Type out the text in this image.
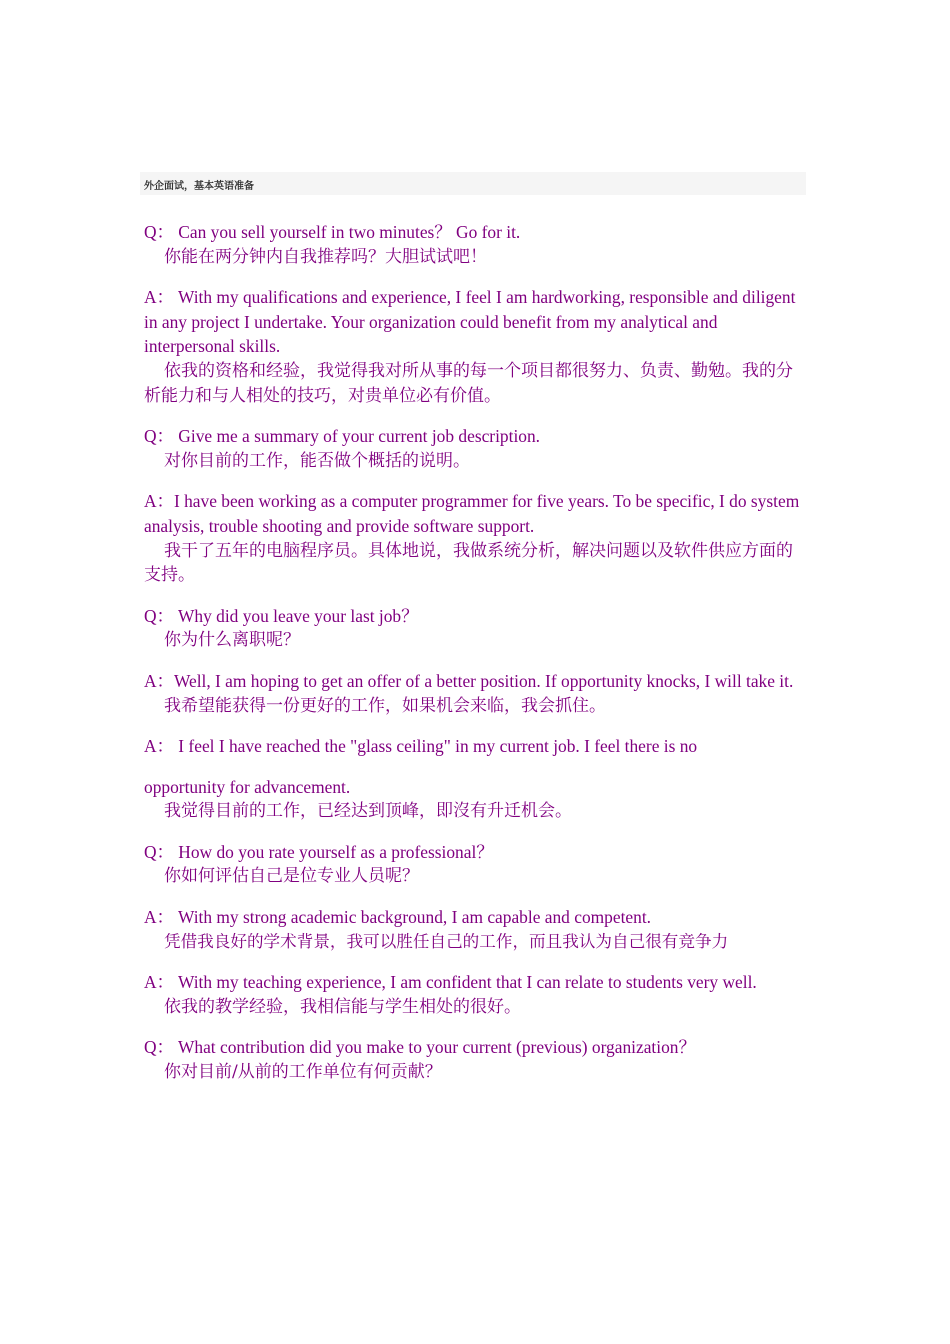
外企面试，基本英语准备
Q： Can you sell yourself in two minutes？ Go for it.
你能在两分钟内自我推荐吗？大胆试试吧！
A： With my qualifications and experience, I feel I am hardworking, responsible and diligent in any project I undertake. Your organization could benefit from my analytical and interpersonal skills.
依我的资格和经验，我觉得我对所从事的每一个项目都很努力、负责、勤勉。我的分析能力和与人相处的技巧，对贵单位必有价值。
Q： Give me a summary of your current job description.
对你目前的工作，能否做个概括的说明。
A：I have been working as a computer programmer for five years. To be specific, I do system analysis, trouble shooting and provide software support.
我干了五年的电脑程序员。具体地说，我做系统分析，解决问题以及软件供应方面的支持。
Q： Why did you leave your last job？
你为什么离职呢？
A：Well, I am hoping to get an offer of a better position. If opportunity knocks, I will take it.
我希望能获得一份更好的工作，如果机会来临，我会抓住。
A： I feel I have reached the "glass ceiling" in my current job. I feel there is no
opportunity for advancement.
我觉得目前的工作，已经达到顶峰，即沒有升迁机会。
Q： How do you rate yourself as a professional？
你如何评估自己是位专业人员呢？
A： With my strong academic background, I am capable and competent.
凭借我良好的学术背景，我可以胜任自己的工作，而且我认为自己很有竞争力
A： With my teaching experience, I am confident that I can relate to students very well.
依我的教学经验，我相信能与学生相处的很好。
Q： What contribution did you make to your current (previous) organization？
你对目前/从前的工作单位有何贡献？
